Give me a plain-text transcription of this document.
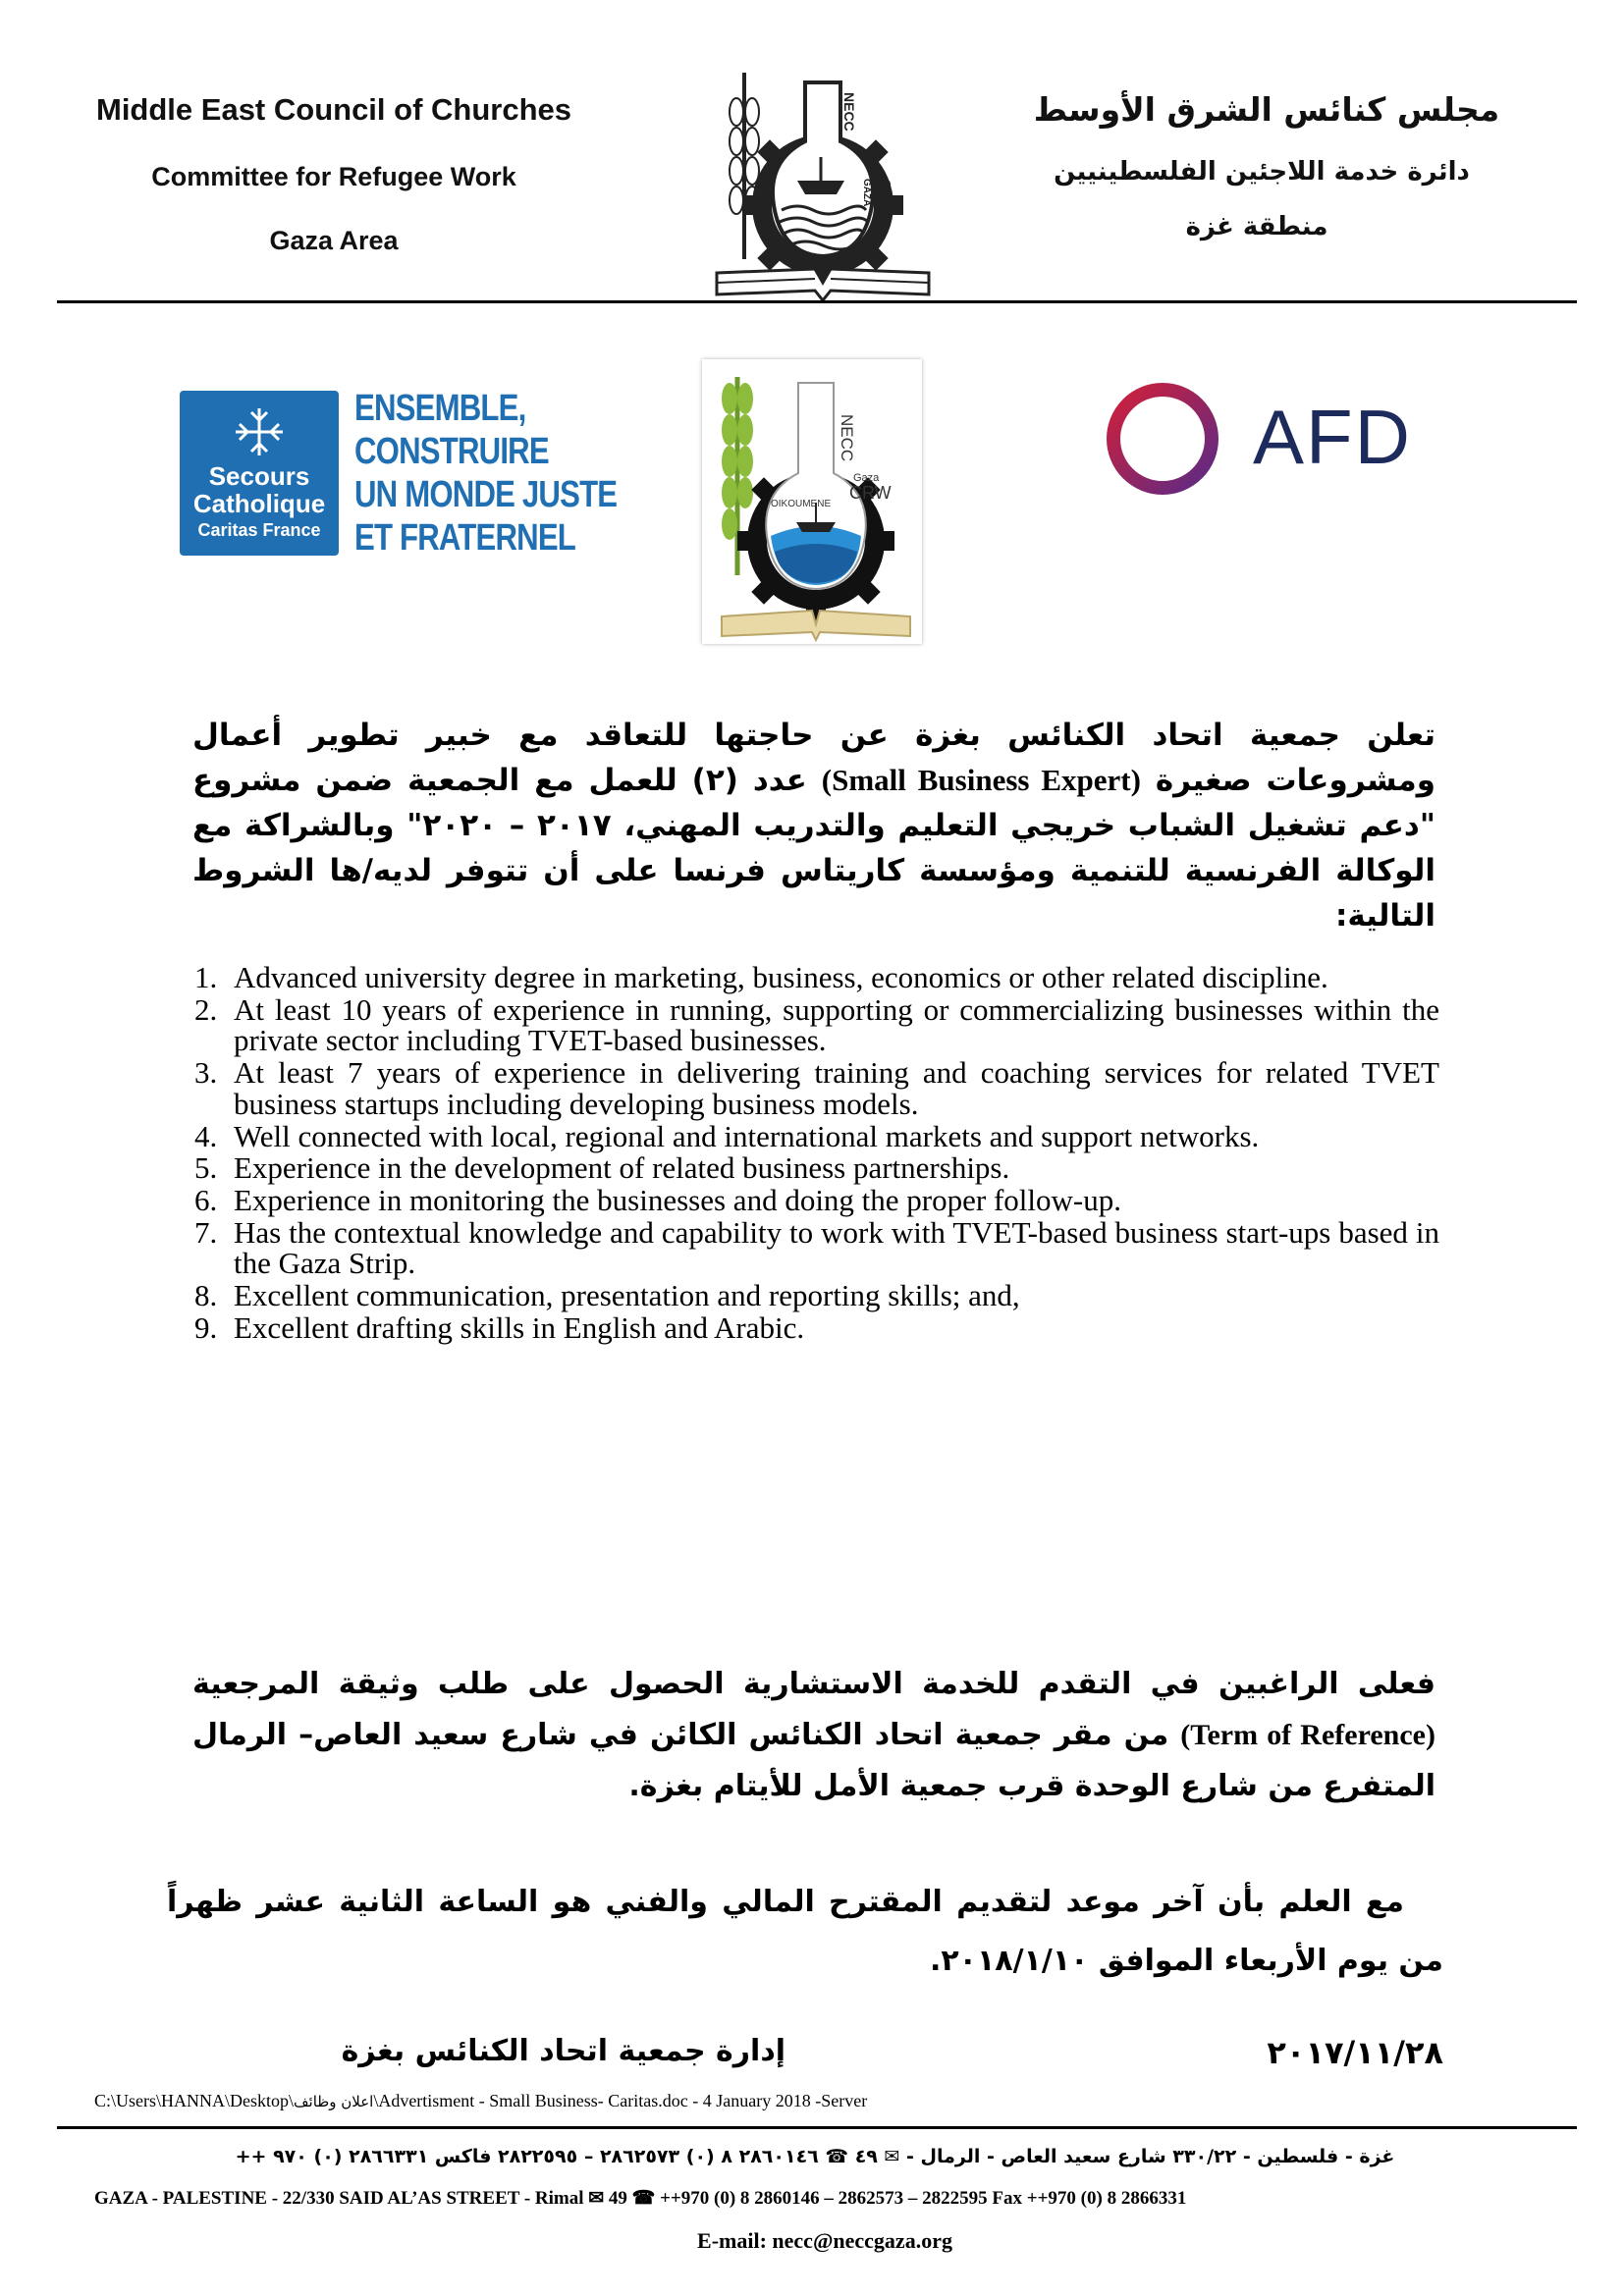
Middle East Council of Churches
Committee for Refugee Work
Gaza Area
مجلس كنائس الشرق الأوسط
دائرة خدمة اللاجئين الفلسطينيين
منطقة غزة
NECC
GAZA CRW
Secours
Catholique
Caritas France
ENSEMBLE,
CONSTRUIRE
UN MONDE JUSTE
ET FRATERNEL
OIKOUMENE
NECC
Gaza
CRW
AFD
تعلن جمعية اتحاد الكنائس بغزة عن حاجتها للتعاقد مع خبير تطوير أعمال ومشروعات صغيرة (Small Business Expert) عدد (٢) للعمل مع الجمعية ضمن مشروع "دعم تشغيل الشباب خريجي التعليم والتدريب المهني، ٢٠١٧ – ٢٠٢٠" وبالشراكة مع الوكالة الفرنسية للتنمية ومؤسسة كاريتاس فرنسا على أن تتوفر لديه/ها الشروط التالية:
1. Advanced university degree in marketing, business, economics or other related discipline.
2. At least 10 years of experience in running, supporting or commercializing businesses within the private sector including TVET-based businesses.
3. At least 7 years of experience in delivering training and coaching services for related TVET business startups including developing business models.
4. Well connected with local, regional and international markets and support networks.
5. Experience in the development of related business partnerships.
6. Experience in monitoring the businesses and doing the proper follow-up.
7. Has the contextual knowledge and capability to work with TVET-based business start-ups based in the Gaza Strip.
8. Excellent communication, presentation and reporting skills; and,
9. Excellent drafting skills in English and Arabic.
فعلى الراغبين في التقدم للخدمة الاستشارية الحصول على طلب وثيقة المرجعية (Term of Reference) من مقر جمعية اتحاد الكنائس الكائن في شارع سعيد العاص– الرمال المتفرع من شارع الوحدة قرب جمعية الأمل للأيتام بغزة.
مع العلم بأن آخر موعد لتقديم المقترح المالي والفني هو الساعة الثانية عشر ظهراً من يوم الأربعاء الموافق ٢٠١٨/١/١٠.
٢٠١٧/١١/٢٨
إدارة جمعية اتحاد الكنائس بغزة
C:\Users\HANNA\Desktop\اعلان وظائف\Advertisment - Small Business- Caritas.doc - 4 January 2018 -Server
غزة - فلسطين - ٣٣٠/٢٢ شارع سعيد العاص - الرمال - ✉ ٤٩ ☎ ٢٨٦٠١٤٦ ٨ (٠) ٢٨٦٢٥٧٣ – ٢٨٢٢٥٩٥ فاكس ٢٨٦٦٣٣١ (٠) ٩٧٠ ++
GAZA - PALESTINE - 22/330 SAID AL’AS STREET - Rimal ✉ 49 ☎ ++970 (0) 8 2860146 – 2862573 – 2822595 Fax ++970 (0) 8 2866331
E-mail: necc@neccgaza.org
